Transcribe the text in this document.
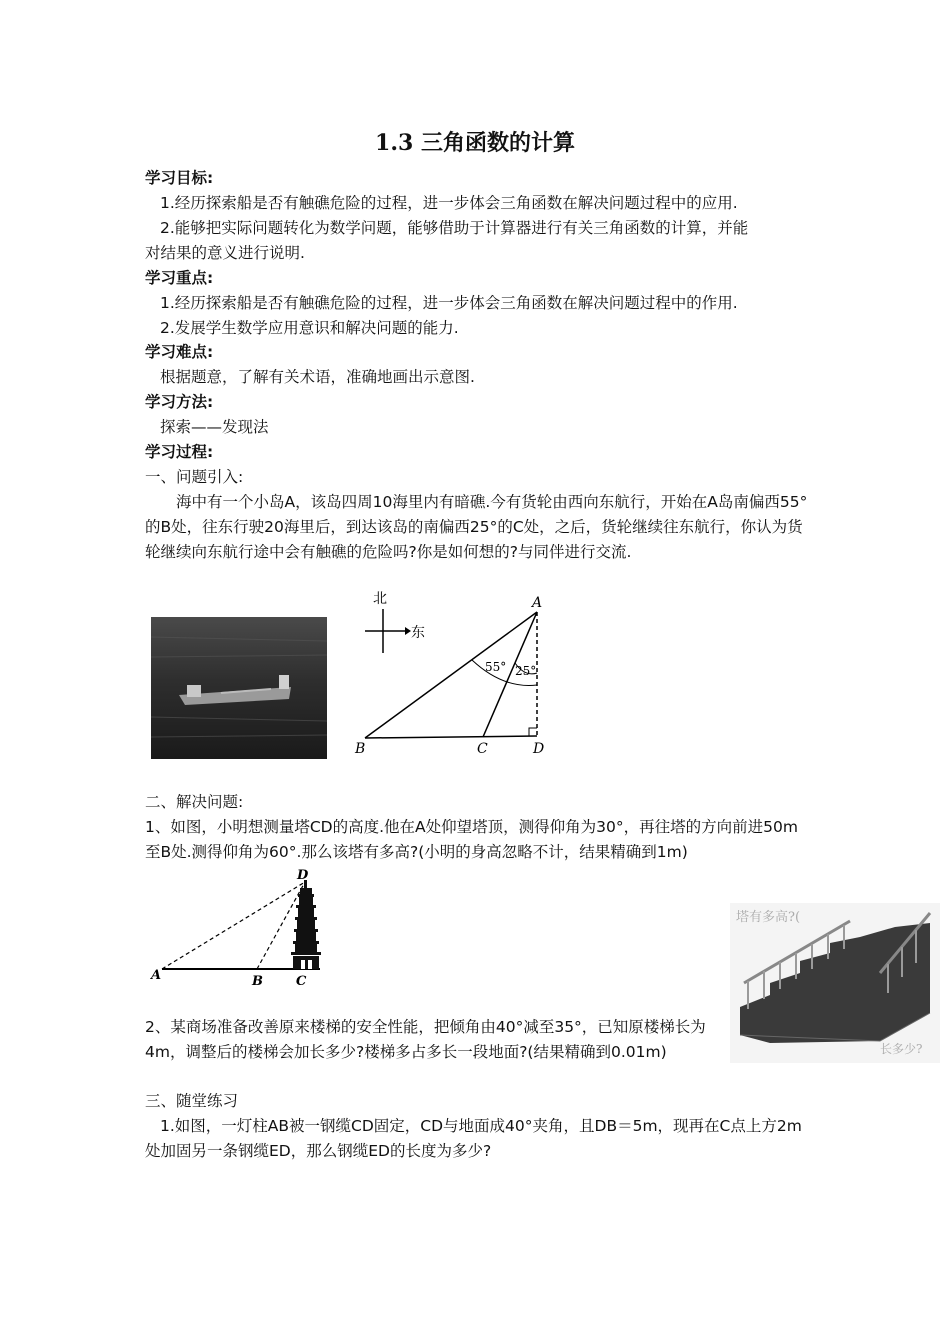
1.3 三角函数的计算
学习目标:
1.经历探索船是否有触礁危险的过程，进一步体会三角函数在解决问题过程中的应用.
2.能够把实际问题转化为数学问题，能够借助于计算器进行有关三角函数的计算，并能
对结果的意义进行说明.
学习重点:
1.经历探索船是否有触礁危险的过程，进一步体会三角函数在解决问题过程中的作用.
2.发展学生数学应用意识和解决问题的能力.
学习难点:
根据题意，了解有关术语，准确地画出示意图.
学习方法:
探索——发现法
学习过程:
一、问题引入:
海中有一个小岛A，该岛四周10海里内有暗礁.今有货轮由西向东航行，开始在A岛南偏西55°的B处，往东行驶20海里后，到达该岛的南偏西25°的C处，之后，货轮继续往东航行，你认为货轮继续向东航行途中会有触礁的危险吗?你是如何想的?与同伴进行交流.
北
东
A
B	C	D
55° 25°
二、解决问题:
1、如图，小明想测量塔CD的高度.他在A处仰望塔顶，测得仰角为30°，再往塔的方向前进50m至B处.测得仰角为60°.那么该塔有多高?(小明的身高忽略不计，结果精确到1m)
D
A	B	C
塔有多高?(
长多少?
2、某商场准备改善原来楼梯的安全性能，把倾角由40°减至35°，已知原楼梯长为4m，调整后的楼梯会加长多少?楼梯多占多长一段地面?(结果精确到0.01m)
三、随堂练习
1.如图，一灯柱AB被一钢缆CD固定，CD与地面成40°夹角，且DB＝5m，现再在C点上方2m处加固另一条钢缆ED，那么钢缆ED的长度为多少?
